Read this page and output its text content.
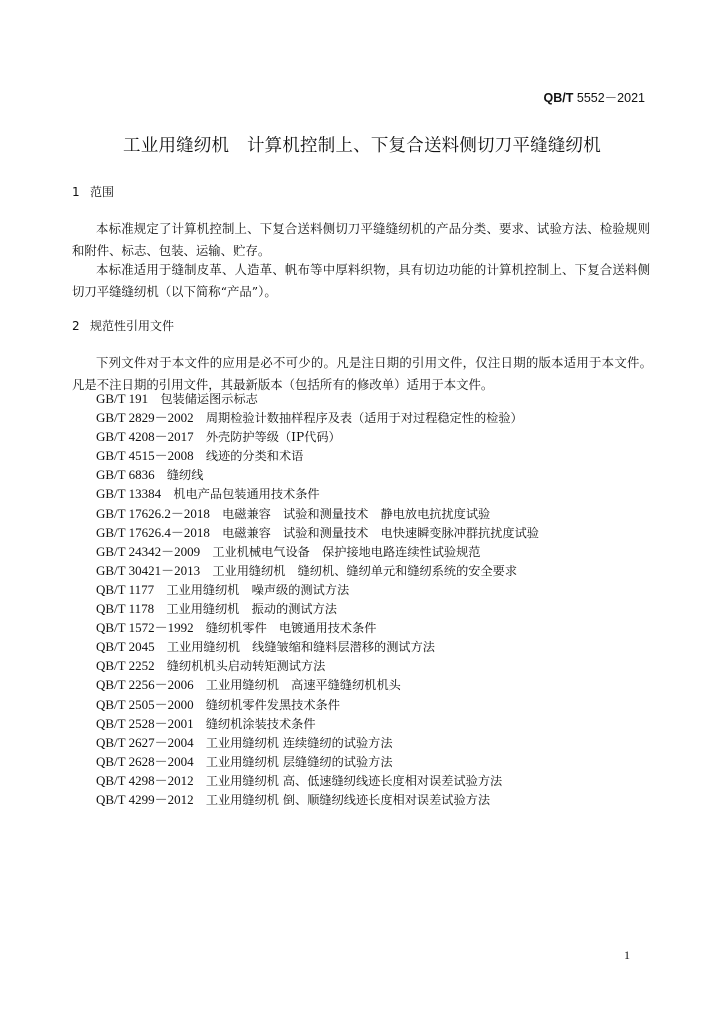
QB/T 5552－2021
工业用缝纫机　计算机控制上、下复合送料侧切刀平缝缝纫机
1 范围

本标准规定了计算机控制上、下复合送料侧切刀平缝缝纫机的产品分类、要求、试验方法、检验规则和附件、标志、包装、运输、贮存。

本标准适用于缝制皮革、人造革、帆布等中厚料织物，具有切边功能的计算机控制上、下复合送料侧切刀平缝缝纫机（以下简称“产品”）。

2 规范性引用文件

下列文件对于本文件的应用是必不可少的。凡是注日期的引用文件，仅注日期的版本适用于本文件。凡是不注日期的引用文件，其最新版本（包括所有的修改单）适用于本文件。

GB/T 191　 包装储运图示标志
GB/T 2829－2002　 周期检验计数抽样程序及表（适用于对过程稳定性的检验）
GB/T 4208－2017　 外壳防护等级（IP代码）
GB/T 4515－2008　 线迹的分类和术语
GB/T 6836　 缝纫线
GB/T 13384　 机电产品包装通用技术条件
GB/T 17626.2－2018　 电磁兼容　试验和测量技术　静电放电抗扰度试验
GB/T 17626.4－2018　 电磁兼容　试验和测量技术　电快速瞬变脉冲群抗扰度试验
GB/T 24342－2009　 工业机械电气设备　保护接地电路连续性试验规范
GB/T 30421－2013　 工业用缝纫机　缝纫机、缝纫单元和缝纫系统的安全要求
QB/T 1177　 工业用缝纫机　噪声级的测试方法
QB/T 1178　 工业用缝纫机　振动的测试方法
QB/T 1572－1992　 缝纫机零件　电镀通用技术条件
QB/T 2045　 工业用缝纫机　线缝皱缩和缝料层潜移的测试方法
QB/T 2252　 缝纫机机头启动转矩测试方法
QB/T 2256－2006　 工业用缝纫机　高速平缝缝纫机机头
QB/T 2505－2000　 缝纫机零件发黑技术条件
QB/T 2528－2001　 缝纫机涂装技术条件
QB/T 2627－2004　 工业用缝纫机 连续缝纫的试验方法
QB/T 2628－2004　 工业用缝纫机 层缝缝纫的试验方法
QB/T 4298－2012　 工业用缝纫机 高、低速缝纫线迹长度相对误差试验方法
QB/T 4299－2012　 工业用缝纫机 倒、顺缝纫线迹长度相对误差试验方法
1
